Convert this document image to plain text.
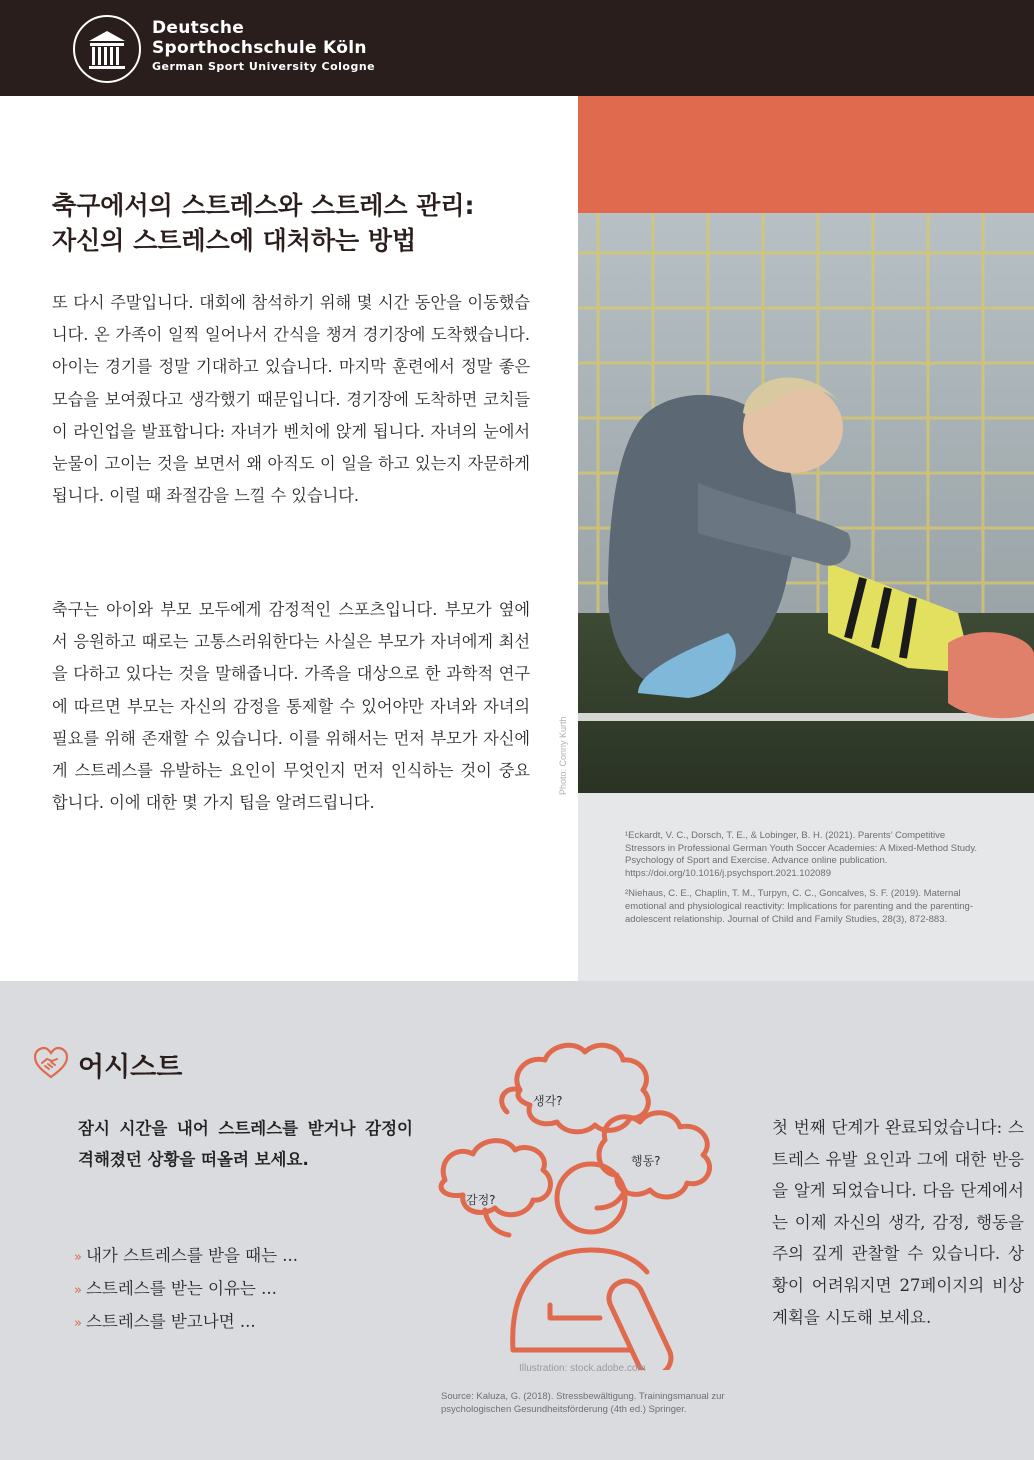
Deutsche
Sporthochschule Köln
German Sport University Cologne
Photo: Conny Kurth

¹Eckardt, V. C., Dorsch, T. E., & Lobinger, B. H. (2021). Parents’ Competitive Stressors in Professional German Youth Soccer Academies: A Mixed-Method Study. Psychology of Sport and Exercise. Advance online publication. https://doi.org/10.1016/j.psychsport.2021.102089

²Niehaus, C. E., Chaplin, T. M., Turpyn, C. C., Goncalves, S. F. (2019). Maternal emotional and physiological reactivity: Implications for parenting and the parenting-adolescent relationship. Journal of Child and Family Studies, 28(3), 872-883.

축구에서의 스트레스와 스트레스 관리:
자신의 스트레스에 대처하는 방법

또 다시 주말입니다. 대회에 참석하기 위해 몇 시간 동안을 이동했습니다. 온 가족이 일찍 일어나서 간식을 챙겨 경기장에 도착했습니다. 아이는 경기를 정말 기대하고 있습니다. 마지막 훈련에서 정말 좋은 모습을 보여줬다고 생각했기 때문입니다. 경기장에 도착하면 코치들이 라인업을 발표합니다: 자녀가 벤치에 앉게 됩니다. 자녀의 눈에서 눈물이 고이는 것을 보면서 왜 아직도 이 일을 하고 있는지 자문하게 됩니다. 이럴 때 좌절감을 느낄 수 있습니다.

축구는 아이와 부모 모두에게 감정적인 스포츠입니다. 부모가 옆에서 응원하고 때로는 고통스러워한다는 사실은 부모가 자녀에게 최선을 다하고 있다는 것을 말해줍니다. 가족을 대상으로 한 과학적 연구에 따르면 부모는 자신의 감정을 통제할 수 있어야만 자녀와 자녀의 필요를 위해 존재할 수 있습니다. 이를 위해서는 먼저 부모가 자신에게 스트레스를 유발하는 요인이 무엇인지 먼저 인식하는 것이 중요합니다. 이에 대한 몇 가지 팁을 알려드립니다.

어시스트

잠시 시간을 내어 스트레스를 받거나 감정이 격해졌던 상황을 떠올려 보세요.

» 내가 스트레스를 받을 때는 ...
» 스트레스를 받는 이유는 ...
» 스트레스를 받고나면 ...
생각?
행동?
감정?
Illustration: stock.adobe.com
Source: Kaluza, G. (2018). Stressbewältigung. Trainingsmanual zur psychologischen Gesundheitsförderung (4th ed.) Springer.

첫 번째 단계가 완료되었습니다: 스트레스 유발 요인과 그에 대한 반응을 알게 되었습니다. 다음 단계에서는 이제 자신의 생각, 감정, 행동을 주의 깊게 관찰할 수 있습니다. 상황이 어려워지면 27페이지의 비상 계획을 시도해 보세요.
